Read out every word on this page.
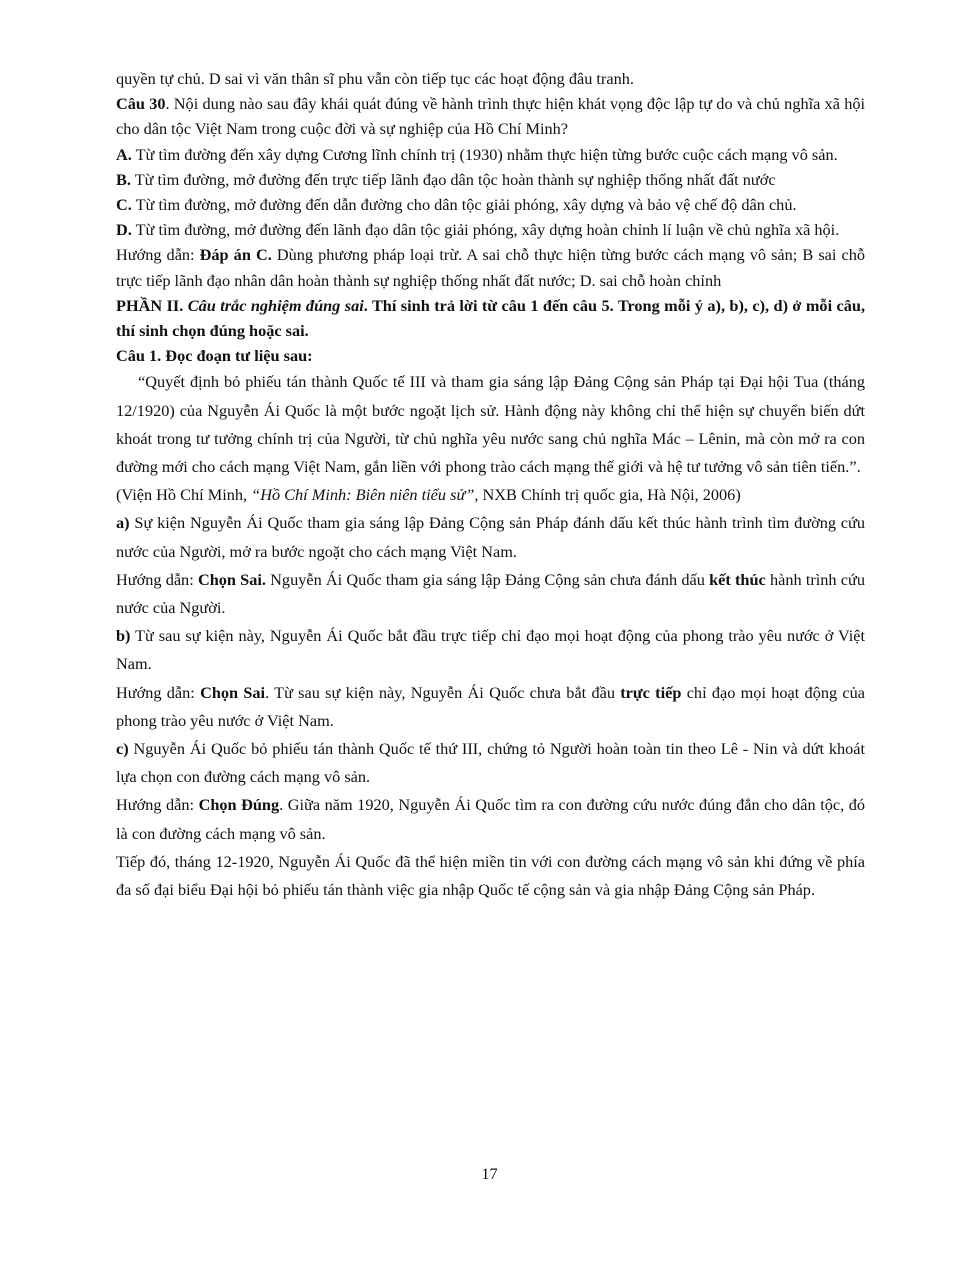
quyền tự chủ. D sai vì văn thân sĩ phu vẫn còn tiếp tục các hoạt động đâu tranh.

Câu 30. Nội dung nào sau đây khái quát đúng về hành trình thực hiện khát vọng độc lập tự do và chủ nghĩa xã hội cho dân tộc Việt Nam trong cuộc đời và sự nghiệp của Hồ Chí Minh?

A. Từ tìm đường đến xây dựng Cương lĩnh chính trị (1930) nhằm thực hiện từng bước cuộc cách mạng vô sản.

B. Từ tìm đường, mở đường đến trực tiếp lãnh đạo dân tộc hoàn thành sự nghiệp thống nhất đất nước

C. Từ tìm đường, mở đường đến dẫn đường cho dân tộc giải phóng, xây dựng và bảo vệ chế độ dân chủ.

D. Từ tìm đường, mở đường đến lãnh đạo dân tộc giải phóng, xây dựng hoàn chỉnh lí luận về chủ nghĩa xã hội.

Hướng dẫn: Đáp án C. Dùng phương pháp loại trừ. A sai chỗ thực hiện từng bước cách mạng vô sản; B sai chỗ trực tiếp lãnh đạo nhân dân hoàn thành sự nghiệp thống nhất đất nước; D. sai chỗ hoàn chỉnh

PHẦN II. Câu trắc nghiệm đúng sai. Thí sinh trả lời từ câu 1 đến câu 5. Trong mỗi ý a), b), c), d) ở mỗi câu, thí sinh chọn đúng hoặc sai.

Câu 1. Đọc đoạn tư liệu sau:

“Quyết định bỏ phiếu tán thành Quốc tế III và tham gia sáng lập Đảng Cộng sản Pháp tại Đại hội Tua (tháng 12/1920) của Nguyễn Ái Quốc là một bước ngoặt lịch sử. Hành động này không chỉ thể hiện sự chuyển biến dứt khoát trong tư tưởng chính trị của Người, từ chủ nghĩa yêu nước sang chủ nghĩa Mác – Lênin, mà còn mở ra con đường mới cho cách mạng Việt Nam, gắn liền với phong trào cách mạng thế giới và hệ tư tưởng vô sản tiên tiến.”.

(Viện Hồ Chí Minh, “Hồ Chí Minh: Biên niên tiểu sử”, NXB Chính trị quốc gia, Hà Nội, 2006)

a) Sự kiện Nguyễn Ái Quốc tham gia sáng lập Đảng Cộng sản Pháp đánh dấu kết thúc hành trình tìm đường cứu nước của Người, mở ra bước ngoặt cho cách mạng Việt Nam.

Hướng dẫn: Chọn Sai. Nguyễn Ái Quốc tham gia sáng lập Đảng Cộng sản chưa đánh dấu kết thúc hành trình cứu nước của Người.

b) Từ sau sự kiện này, Nguyễn Ái Quốc bắt đầu trực tiếp chỉ đạo mọi hoạt động của phong trào yêu nước ở Việt Nam.

Hướng dẫn: Chọn Sai. Từ sau sự kiện này, Nguyễn Ái Quốc chưa bắt đầu trực tiếp chỉ đạo mọi hoạt động của phong trào yêu nước ở Việt Nam.

c) Nguyễn Ái Quốc bỏ phiếu tán thành Quốc tế thứ III, chứng tỏ Người hoàn toàn tin theo Lê - Nin và dứt khoát lựa chọn con đường cách mạng vô sản.

Hướng dẫn: Chọn Đúng. Giữa năm 1920, Nguyễn Ái Quốc tìm ra con đường cứu nước đúng đắn cho dân tộc, đó là con đường cách mạng vô sản.

Tiếp đó, tháng 12-1920, Nguyễn Ái Quốc đã thể hiện miền tin với con đường cách mạng vô sản khi đứng về phía đa số đại biểu Đại hội bỏ phiếu tán thành việc gia nhập Quốc tế cộng sản và gia nhập Đảng Cộng sản Pháp.

17
